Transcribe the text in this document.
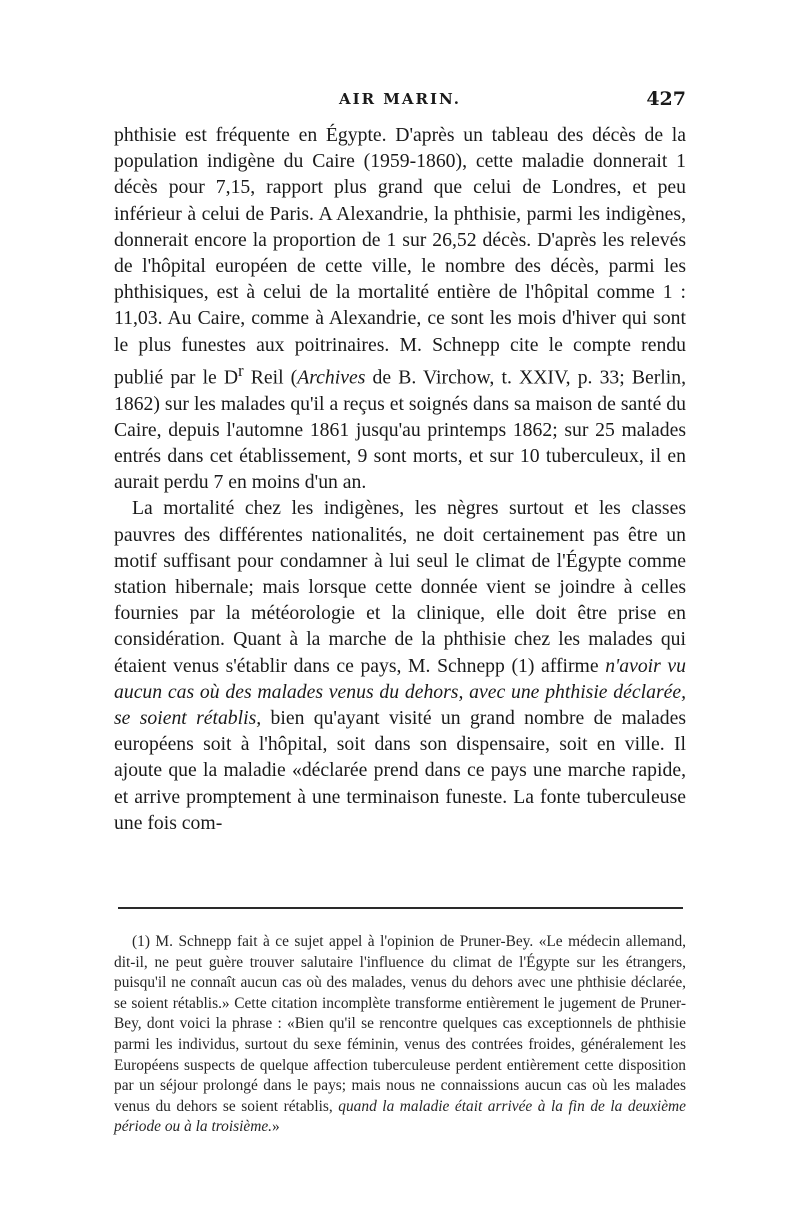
AIR MARIN.	427

phthisie est fréquente en Égypte. D'après un tableau des décès de la population indigène du Caire (1959-1860), cette maladie donnerait 1 décès pour 7,15, rapport plus grand que celui de Londres, et peu inférieur à celui de Paris. A Alexandrie, la phthisie, parmi les indigènes, donnerait encore la proportion de 1 sur 26,52 décès. D'après les relevés de l'hôpital européen de cette ville, le nombre des décès, parmi les phthisiques, est à celui de la mortalité entière de l'hôpital comme 1 : 11,03. Au Caire, comme à Alexandrie, ce sont les mois d'hiver qui sont le plus funestes aux poitrinaires. M. Schnepp cite le compte rendu publié par le $D^r$ Reil (Archives de B. Virchow, t. XXIV, p. 33; Berlin, 1862) sur les malades qu'il a reçus et soignés dans sa maison de santé du Caire, depuis l'automne 1861 jusqu'au printemps 1862; sur 25 malades entrés dans cet établissement, 9 sont morts, et sur 10 tuberculeux, il en aurait perdu 7 en moins d'un an.

La mortalité chez les indigènes, les nègres surtout et les classes pauvres des différentes nationalités, ne doit certainement pas être un motif suffisant pour condamner à lui seul le climat de l'Égypte comme station hibernale; mais lorsque cette donnée vient se joindre à celles fournies par la météorologie et la clinique, elle doit être prise en considération. Quant à la marche de la phthisie chez les malades qui étaient venus s'établir dans ce pays, M. Schnepp (1) affirme n'avoir vu aucun cas où des malades venus du dehors, avec une phthisie déclarée, se soient rétablis, bien qu'ayant visité un grand nombre de malades européens soit à l'hôpital, soit dans son dispensaire, soit en ville. Il ajoute que la maladie «déclarée prend dans ce pays une marche rapide, et arrive promptement à une terminaison funeste. La fonte tuberculeuse une fois com-

(1) M. Schnepp fait à ce sujet appel à l'opinion de Pruner-Bey. «Le médecin allemand, dit-il, ne peut guère trouver salutaire l'influence du climat de l'Égypte sur les étrangers, puisqu'il ne connaît aucun cas où des malades, venus du dehors avec une phthisie déclarée, se soient rétablis.» Cette citation incomplète transforme entièrement le jugement de Pruner-Bey, dont voici la phrase : «Bien qu'il se rencontre quelques cas exceptionnels de phthisie parmi les individus, surtout du sexe féminin, venus des contrées froides, généralement les Européens suspects de quelque affection tuberculeuse perdent entièrement cette disposition par un séjour prolongé dans le pays; mais nous ne connaissions aucun cas où les malades venus du dehors se soient rétablis, quand la maladie était arrivée à la fin de la deuxième période ou à la troisième.»
